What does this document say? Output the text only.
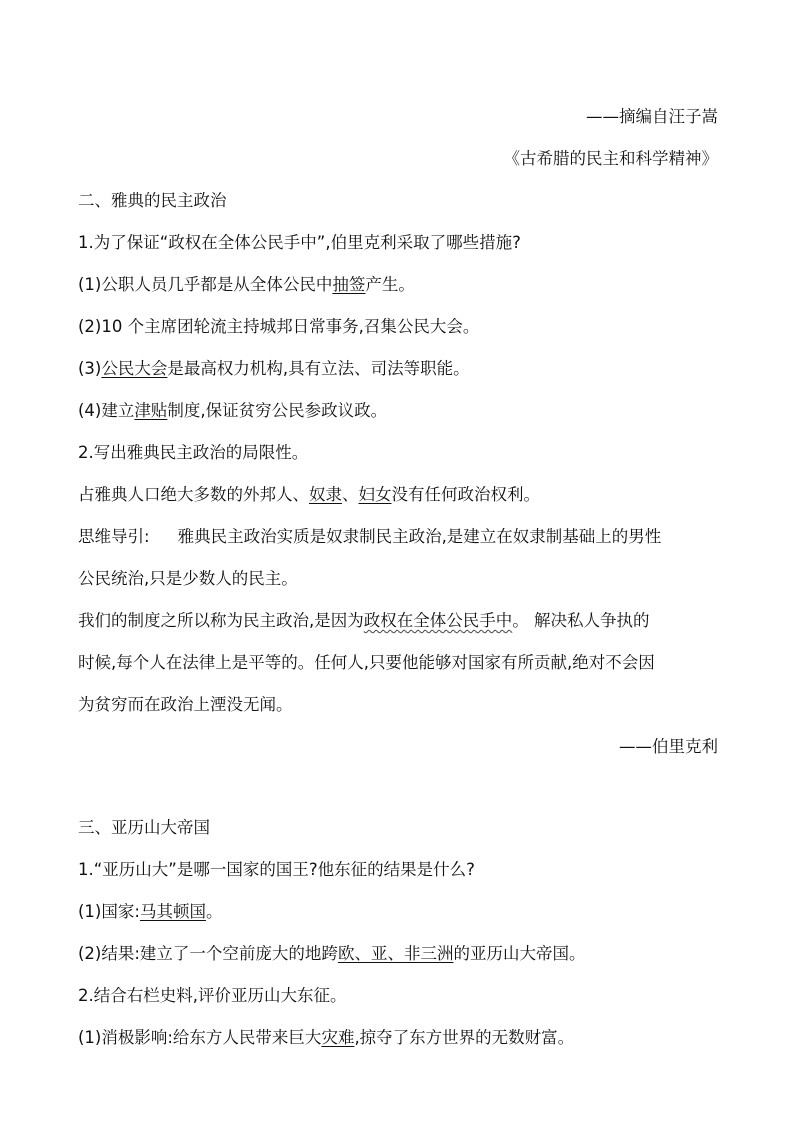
——摘编自汪子嵩
《古希腊的民主和科学精神》
二、雅典的民主政治
1.为了保证“政权在全体公民手中”,伯里克利采取了哪些措施?
(1)公职人员几乎都是从全体公民中抽签产生。
(2)10 个主席团轮流主持城邦日常事务,召集公民大会。
(3)公民大会是最高权力机构,具有立法、司法等职能。
(4)建立津贴制度,保证贫穷公民参政议政。
2.写出雅典民主政治的局限性。
占雅典人口绝大多数的外邦人、奴隶、妇女没有任何政治权利。
思维导引: 雅典民主政治实质是奴隶制民主政治,是建立在奴隶制基础上的男性
公民统治,只是少数人的民主。
我们的制度之所以称为民主政治,是因为政权在全体公民手中。 解决私人争执的
时候,每个人在法律上是平等的。任何人,只要他能够对国家有所贡献,绝对不会因
为贫穷而在政治上湮没无闻。
——伯里克利
三、亚历山大帝国
1.“亚历山大”是哪一国家的国王?他东征的结果是什么?
(1)国家:马其顿国。
(2)结果:建立了一个空前庞大的地跨欧、亚、非三洲的亚历山大帝国。
2.结合右栏史料,评价亚历山大东征。
(1)消极影响:给东方人民带来巨大灾难,掠夺了东方世界的无数财富。
